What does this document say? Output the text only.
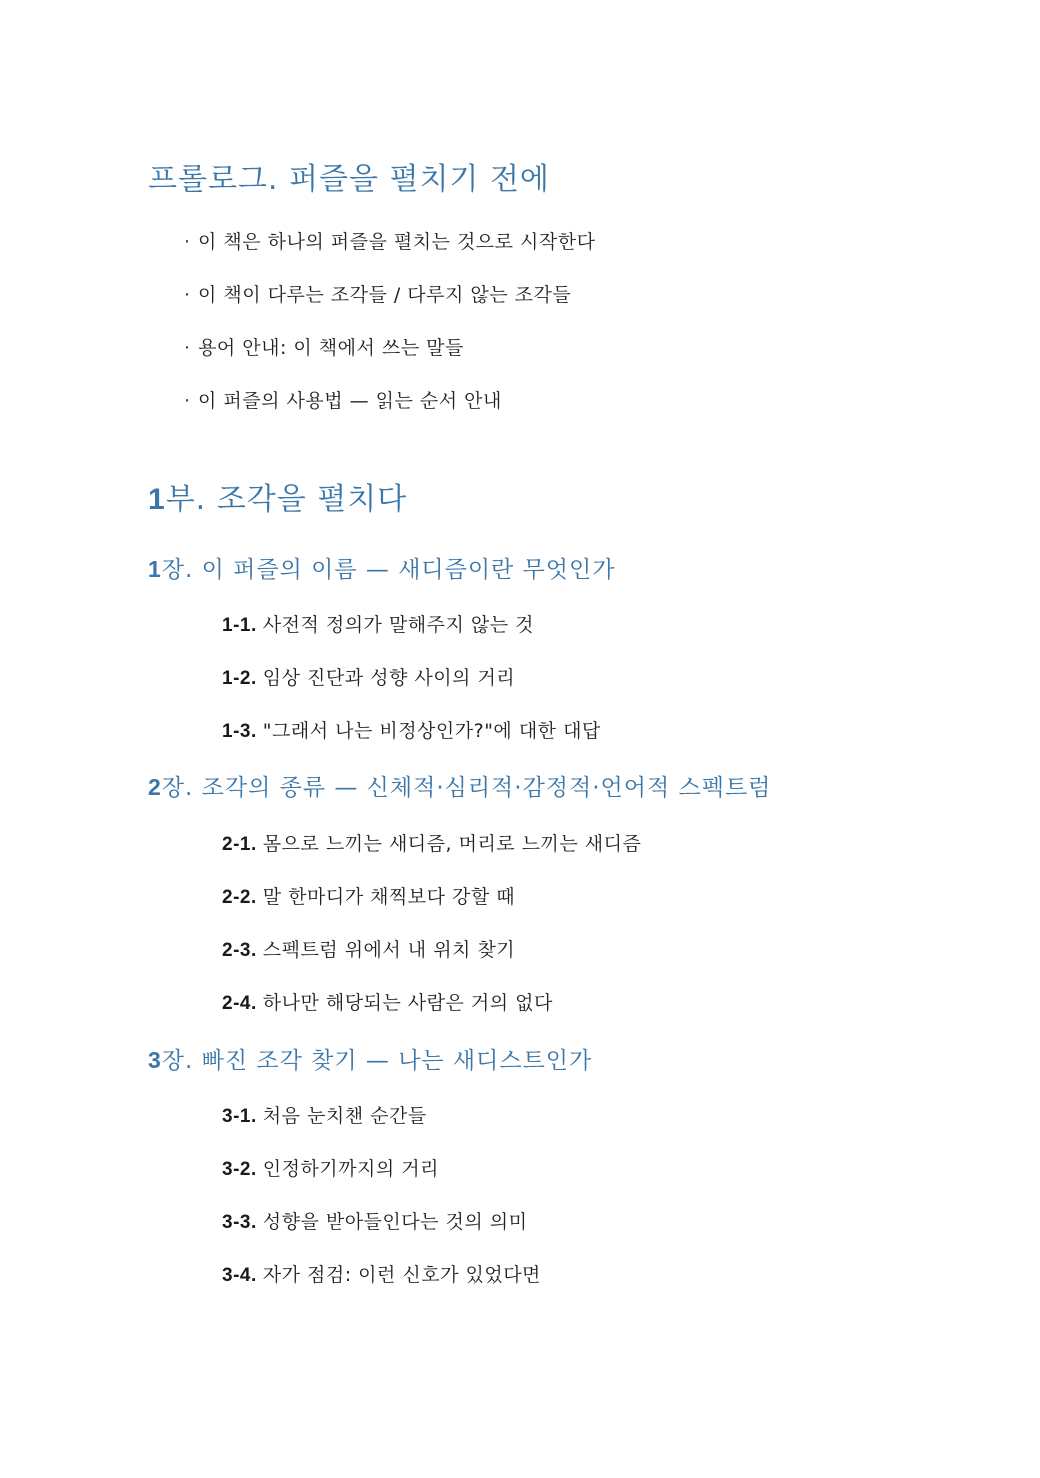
프롤로그. 퍼즐을 펼치기 전에
· 이 책은 하나의 퍼즐을 펼치는 것으로 시작한다
· 이 책이 다루는 조각들 / 다루지 않는 조각들
· 용어 안내: 이 책에서 쓰는 말들
· 이 퍼즐의 사용법 — 읽는 순서 안내
1부. 조각을 펼치다
1장. 이 퍼즐의 이름 — 새디즘이란 무엇인가
1-1. 사전적 정의가 말해주지 않는 것
1-2. 임상 진단과 성향 사이의 거리
1-3. "그래서 나는 비정상인가?"에 대한 대답
2장. 조각의 종류 — 신체적·심리적·감정적·언어적 스펙트럼
2-1. 몸으로 느끼는 새디즘, 머리로 느끼는 새디즘
2-2. 말 한마디가 채찍보다 강할 때
2-3. 스펙트럼 위에서 내 위치 찾기
2-4. 하나만 해당되는 사람은 거의 없다
3장. 빠진 조각 찾기 — 나는 새디스트인가
3-1. 처음 눈치챈 순간들
3-2. 인정하기까지의 거리
3-3. 성향을 받아들인다는 것의 의미
3-4. 자가 점검: 이런 신호가 있었다면
